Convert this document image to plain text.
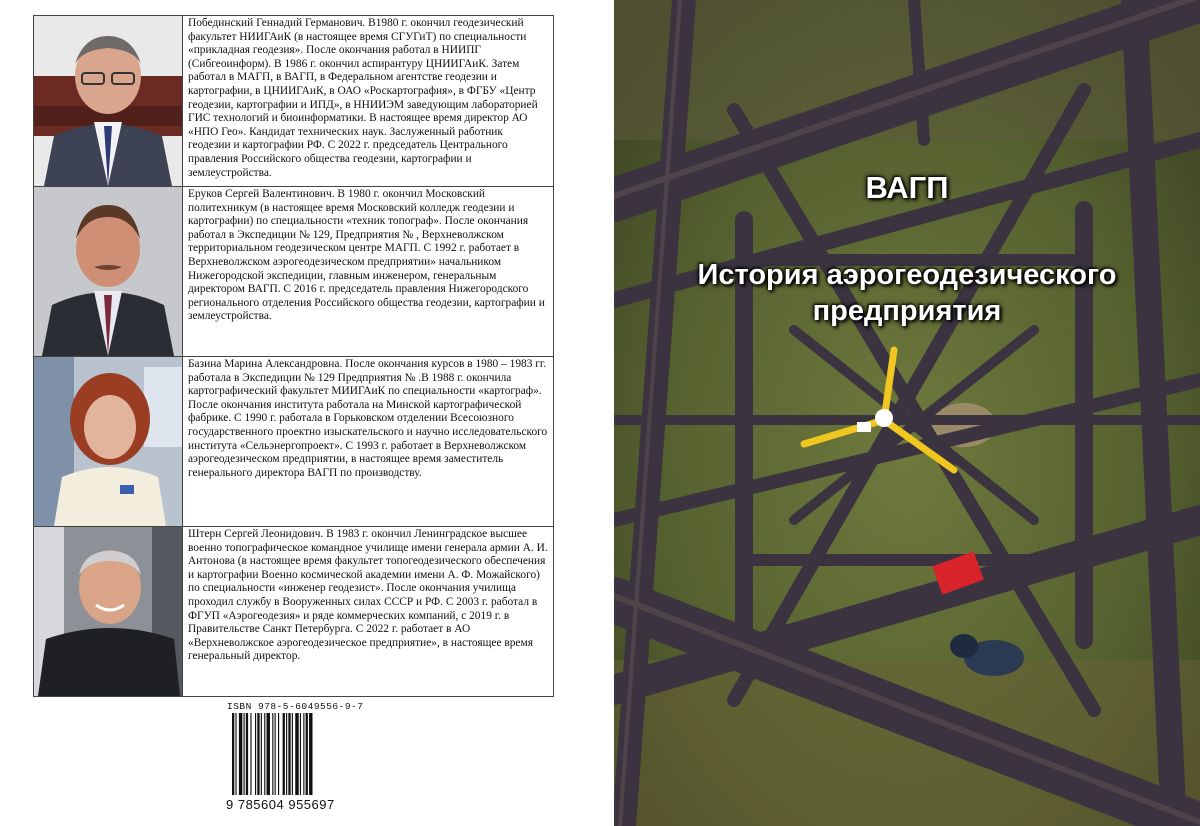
	Побединский Геннадий Германович. В1980 г. окончил геодезический факультет НИИГАиК (в настоящее время СГУГиТ) по специальности «прикладная геодезия». После окончания работал в НИИПГ (Сибгеоинформ). В 1986 г. окончил аспирантуру ЦНИИГАиК. Затем работал в МАГП, в ВАГП, в Федеральном агентстве геодезии и картографии, в ЦНИИГАиК, в ОАО «Роскартография», в ФГБУ «Центр геодезии, картографии и ИПД», в ННИИЭМ заведующим лабораторией ГИС технологий и биоинформатики. В настоящее время директор АО «НПО Гео». Кандидат технических наук. Заслуженный работник геодезии и картографии РФ. С 2022 г. председатель Центрального правления Российского общества геодезии, картографии и землеустройства.

	Еруков Сергей Валентинович. В 1980 г. окончил Московский политехникум (в настоящее время Московский колледж геодезии и картографии) по специальности «техник топограф». После окончания работал в Экспедиции № 129, Предприятия № , Верхневолжском территориальном геодезическом центре МАГП. С 1992 г. работает в Верхневолжском аэрогеодезическом предприятии» начальником Нижегородской экспедиции, главным инженером, генеральным директором ВАГП. С 2016 г. председатель правления Нижегородского регионального отделения Российского общества геодезии, картографии и землеустройства.

	Базина Марина Александровна. После окончания курсов в 1980 – 1983 гг. работала в Экспедиции № 129 Предприятия № .В 1988 г. окончила картографический факультет МИИГАиК по специальности «картограф». После окончания института работала на Минской картографической фабрике. С 1990 г. работала в Горьковском отделении Всесоюзного государственного проектно изыскательского и научно исследовательского института «Сельэнергопроект». С 1993 г. работает в Верхневолжском аэрогеодезическом предприятии, в настоящее время заместитель генерального директора ВАГП по производству.

	Штерн Сергей Леонидович. В 1983 г. окончил Ленинградское высшее военно топографическое командное училище имени генерала армии А. И. Антонова (в настоящее время факультет топогеодезического обеспечения и картографии Военно космической академии имени А. Ф. Можайского) по специальности «инженер геодезист». После окончания училища проходил службу в Вооруженных силах СССР и РФ. С 2003 г. работал в ФГУП «Аэрогеодезия» и ряде коммерческих компаний, с 2019 г. в Правительстве Санкт Петербурга. С 2022 г. работает в АО «Верхневолжское аэрогеодезическое предприятие», в настоящее время генеральный директор.
ISBN 978-5-6049556-9-7
9 785604 955697
ВАГП
История аэрогеодезического
предприятия
